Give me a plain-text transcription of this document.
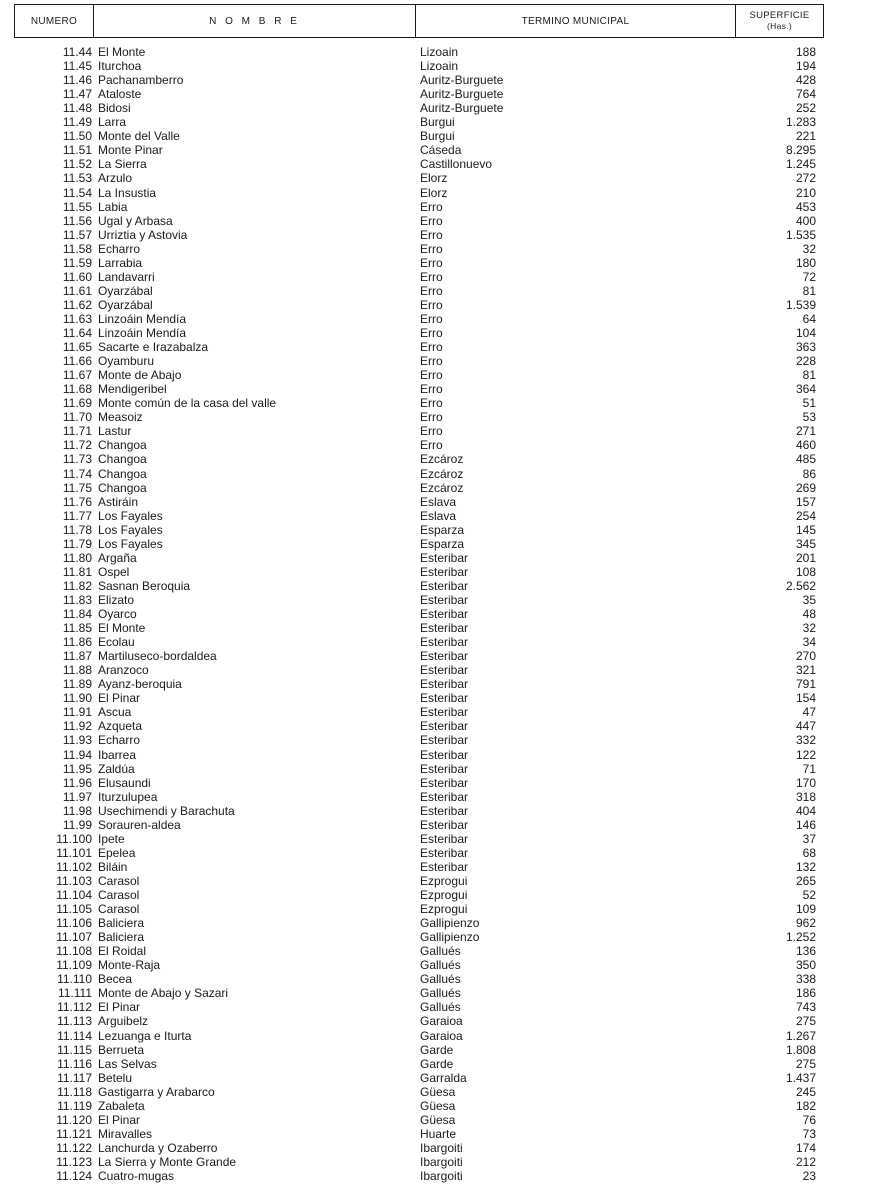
NUMERO	N O M B R E	TERMINO MUNICIPAL	SUPERFICIE
(Has.)
11.44 El Monte	Lizoain	188
11.45 Iturchoa	Lizoain	194
11.46 Pachanamberro	Auritz-Burguete	428
11.47 Ataloste	Auritz-Burguete	764
11.48 Bidosi	Auritz-Burguete	252
11.49 Larra	Burgui	1.283
11.50 Monte del Valle	Burgui	221
11.51 Monte Pinar	Cáseda	8.295
11.52 La Sierra	Castillonuevo	1.245
11.53 Arzulo	Elorz	272
11.54 La Insustia	Elorz	210
11.55 Labia	Erro	453
11.56 Ugal y Arbasa	Erro	400
11.57 Urriztia y Astovia	Erro	1.535
11.58 Echarro	Erro	32
11.59 Larrabia	Erro	180
11.60 Landavarri	Erro	72
11.61 Oyarzábal	Erro	81
11.62 Oyarzábal	Erro	1.539
11.63 Linzoáin Mendía	Erro	64
11.64 Linzoáin Mendía	Erro	104
11.65 Sacarte e Irazabalza	Erro	363
11.66 Oyamburu	Erro	228
11.67 Monte de Abajo	Erro	81
11.68 Mendigeribel	Erro	364
11.69 Monte común de la casa del valle	Erro	51
11.70 Measoiz	Erro	53
11.71 Lastur	Erro	271
11.72 Changoa	Erro	460
11.73 Changoa	Ezcároz	485
11.74 Changoa	Ezcároz	86
11.75 Changoa	Ezcároz	269
11.76 Astiráin	Eslava	157
11.77 Los Fayales	Eslava	254
11.78 Los Fayales	Esparza	145
11.79 Los Fayales	Esparza	345
11.80 Argaña	Esteribar	201
11.81 Ospel	Esteribar	108
11.82 Sasnan Beroquia	Esteribar	2.562
11.83 Elizato	Esteribar	35
11.84 Oyarco	Esteribar	48
11.85 El Monte	Esteribar	32
11.86 Ecolau	Esteribar	34
11.87 Martiluseco-bordaldea	Esteribar	270
11.88 Aranzoco	Esteribar	321
11.89 Ayanz-beroquia	Esteribar	791
11.90 El Pinar	Esteribar	154
11.91 Ascua	Esteribar	47
11.92 Azqueta	Esteribar	447
11.93 Echarro	Esteribar	332
11.94 Ibarrea	Esteribar	122
11.95 Zaldúa	Esteribar	71
11.96 Elusaundi	Esteribar	170
11.97 Iturzulupea	Esteribar	318
11.98 Usechimendi y Barachuta	Esteribar	404
11.99 Sorauren-aldea	Esteribar	146
11.100 Ipete	Esteribar	37
11.101 Epelea	Esteribar	68
11.102 Biláin	Esteribar	132
11.103 Carasol	Ezprogui	265
11.104 Carasol	Ezprogui	52
11.105 Carasol	Ezprogui	109
11.106 Baliciera	Gallipienzo	962
11.107 Baliciera	Gallipienzo	1.252
11.108 El Roidal	Gallués	136
11.109 Monte-Raja	Gallués	350
11.110 Becea	Gallués	338
11.111 Monte de Abajo y Sazari	Gallués	186
11.112 El Pinar	Gallués	743
11.113 Arguibelz	Garaioa	275
11.114 Lezuanga e Iturta	Garaioa	1.267
11.115 Berrueta	Garde	1.808
11.116 Las Selvas	Garde	275
11.117 Betelu	Garralda	1.437
11.118 Gastigarra y Arabarco	Güesa	245
11.119 Zabaleta	Güesa	182
11.120 El Pinar	Güesa	76
11.121 Miravalles	Huarte	73
11.122 Lanchurda y Ozaberro	Ibargoiti	174
11.123 La Sierra y Monte Grande	Ibargoiti	212
11.124 Cuatro-mugas	Ibargoiti	23
